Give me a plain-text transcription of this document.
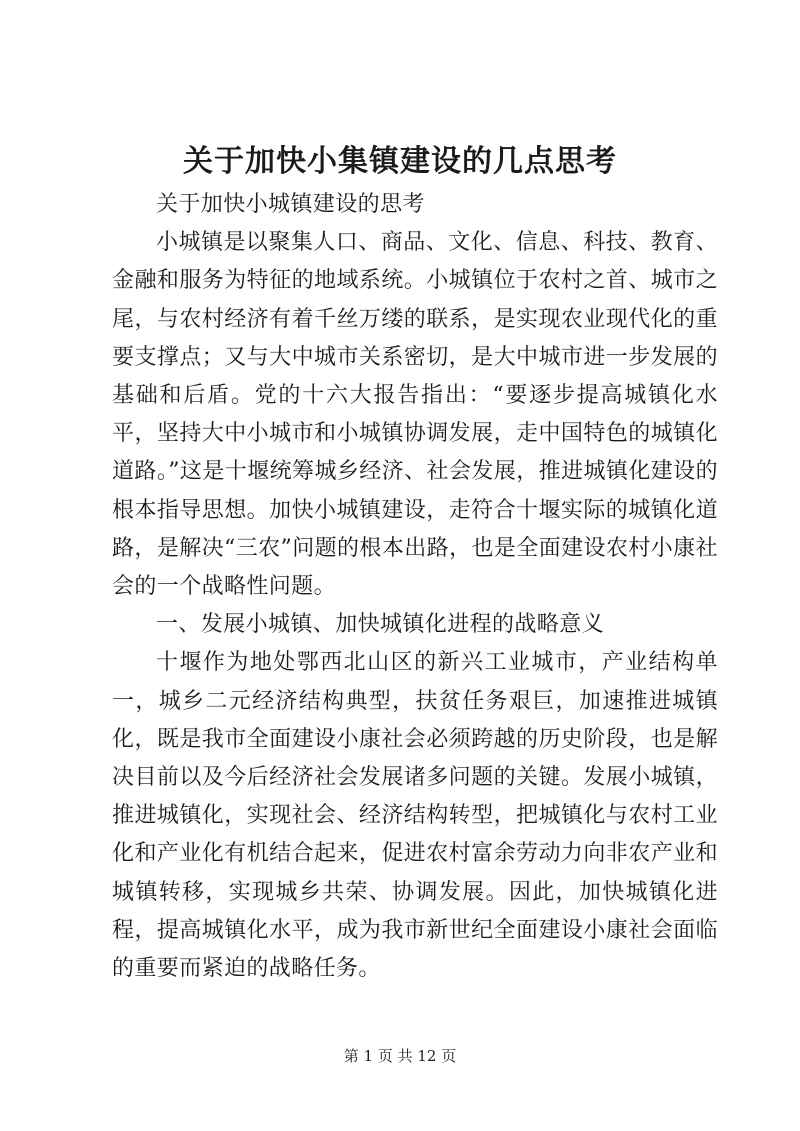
关于加快小集镇建设的几点思考

关于加快小城镇建设的思考

小城镇是以聚集人口、商品、文化、信息、科技、教育、金融和服务为特征的地域系统。小城镇位于农村之首、城市之尾，与农村经济有着千丝万缕的联系，是实现农业现代化的重要支撑点；又与大中城市关系密切，是大中城市进一步发展的基础和后盾。党的十六大报告指出：“要逐步提高城镇化水平，坚持大中小城市和小城镇协调发展，走中国特色的城镇化道路。”这是十堰统筹城乡经济、社会发展，推进城镇化建设的根本指导思想。加快小城镇建设，走符合十堰实际的城镇化道路，是解决“三农”问题的根本出路，也是全面建设农村小康社会的一个战略性问题。

一、发展小城镇、加快城镇化进程的战略意义

十堰作为地处鄂西北山区的新兴工业城市，产业结构单一，城乡二元经济结构典型，扶贫任务艰巨，加速推进城镇化，既是我市全面建设小康社会必须跨越的历史阶段，也是解决目前以及今后经济社会发展诸多问题的关键。发展小城镇，推进城镇化，实现社会、经济结构转型，把城镇化与农村工业化和产业化有机结合起来，促进农村富余劳动力向非农产业和城镇转移，实现城乡共荣、协调发展。因此，加快城镇化进程，提高城镇化水平，成为我市新世纪全面建设小康社会面临的重要而紧迫的战略任务。

第 1 页 共 12 页
